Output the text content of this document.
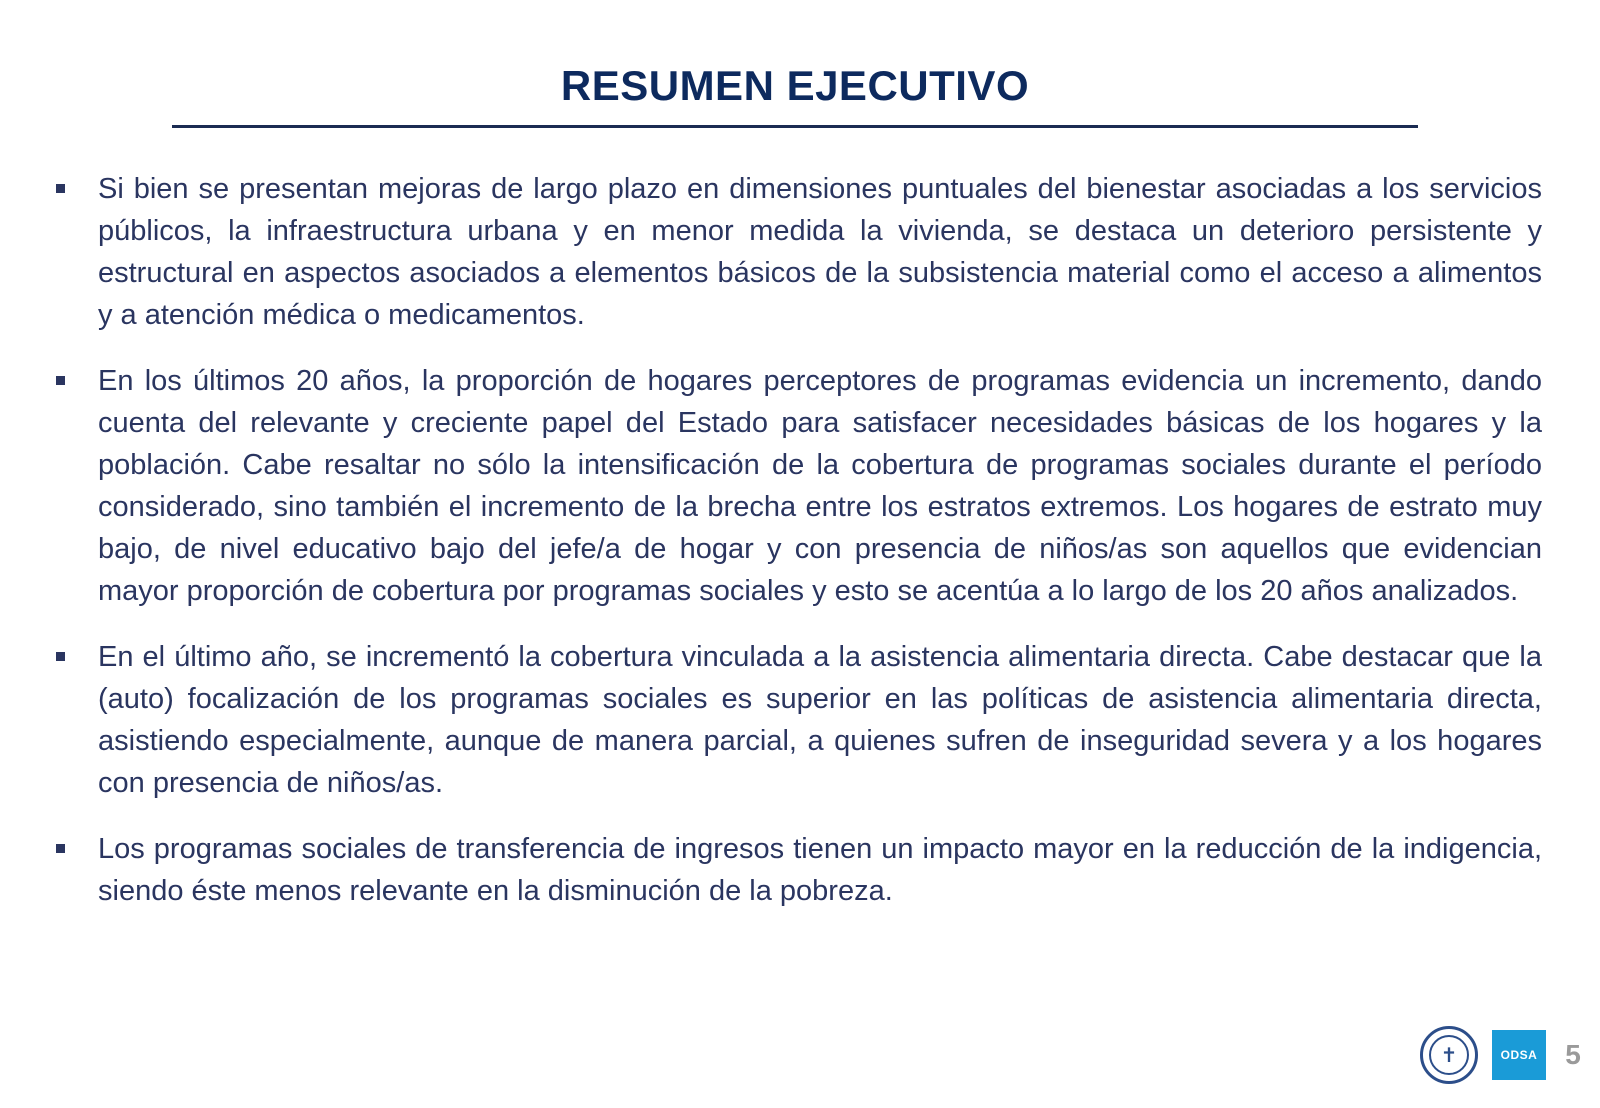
RESUMEN EJECUTIVO
Si bien se presentan mejoras de largo plazo en dimensiones puntuales del bienestar asociadas a los servicios públicos, la infraestructura urbana y en menor medida la vivienda, se destaca un deterioro persistente y estructural en aspectos asociados a elementos básicos de la subsistencia material como el acceso a alimentos y a atención médica o medicamentos.
En los últimos 20 años, la proporción de hogares perceptores de programas evidencia un incremento, dando cuenta del relevante y creciente papel del Estado para satisfacer necesidades básicas de los hogares y la población. Cabe resaltar no sólo la intensificación de la cobertura de programas sociales durante el período considerado, sino también el incremento de la brecha entre los estratos extremos. Los hogares de estrato muy bajo, de nivel educativo bajo del jefe/a de hogar y con presencia de niños/as son aquellos que evidencian mayor proporción de cobertura por programas sociales y esto se acentúa a lo largo de los 20 años analizados.
En el último año, se incrementó la cobertura vinculada a la asistencia alimentaria directa. Cabe destacar que la (auto) focalización de los programas sociales es superior en las políticas de asistencia alimentaria directa, asistiendo especialmente, aunque de manera parcial, a quienes sufren de inseguridad severa y a los hogares con presencia de niños/as.
Los programas sociales de transferencia de ingresos tienen un impacto mayor en la reducción de la indigencia, siendo éste menos relevante en la disminución de la pobreza.
✝	ODSA 5
